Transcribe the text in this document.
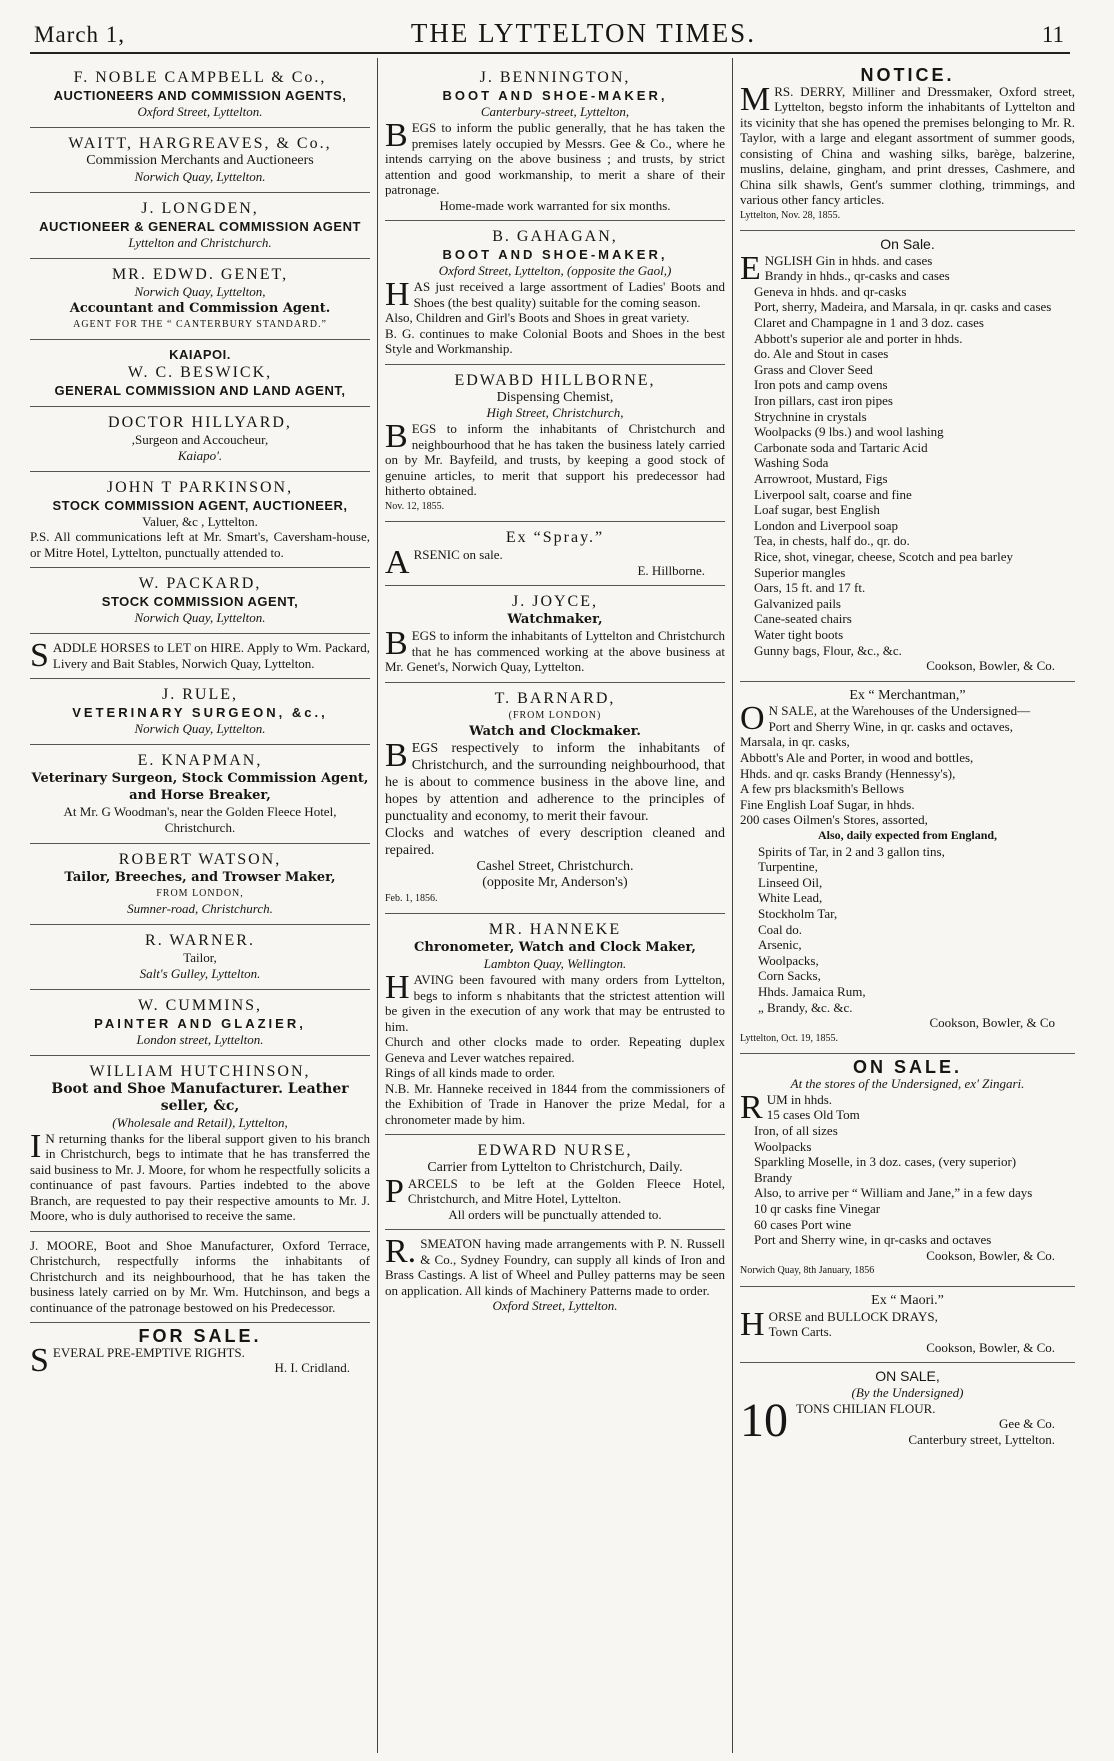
March 1,	THE LYTTELTON TIMES.	11
F. NOBLE CAMPBELL & Co.,
AUCTIONEERS AND COMMISSION AGENTS,
Oxford Street, Lyttelton.
WAITT, HARGREAVES, & Co.,
Commission Merchants and Auctioneers
Norwich Quay, Lyttelton.
J. LONGDEN,
AUCTIONEER & GENERAL COMMISSION AGENT
Lyttelton and Christchurch.
MR. EDWD. GENET,
Norwich Quay, Lyttelton,
Accountant and Commission Agent.
AGENT FOR THE “ CANTERBURY STANDARD.”
KAIAPOI.
W. C. BESWICK,
GENERAL COMMISSION AND LAND AGENT,
DOCTOR HILLYARD,
,Surgeon and Accoucheur,
Kaiapo'.
JOHN T PARKINSON,
STOCK COMMISSION AGENT, AUCTIONEER,
Valuer, &c , Lyttelton.
P.S. All communications left at Mr. Smart's, Caversham-house, or Mitre Hotel, Lyttelton, punctually attended to.
W. PACKARD,
STOCK COMMISSION AGENT,
Norwich Quay, Lyttelton.
SADDLE HORSES to LET on HIRE. Apply to Wm. Packard, Livery and Bait Stables, Norwich Quay, Lyttelton.
J. RULE,
VETERINARY SURGEON, &c.,
Norwich Quay, Lyttelton.
E. KNAPMAN,
Veterinary Surgeon, Stock Commission Agent, and Horse Breaker,
At Mr. G Woodman's, near the Golden Fleece Hotel, Christchurch.
ROBERT WATSON,
Tailor, Breeches, and Trowser Maker,
FROM LONDON,
Sumner-road, Christchurch.
R. WARNER.
Tailor,
Salt's Gulley, Lyttelton.
W. CUMMINS,
PAINTER AND GLAZIER,
London street, Lyttelton.
WILLIAM HUTCHINSON,
Boot and Shoe Manufacturer. Leather seller, &c,
(Wholesale and Retail), Lyttelton,
I N returning thanks for the liberal support given to his branch in Christchurch, begs to intimate that he has transferred the said business to Mr. J. Moore, for whom he respectfully solicits a continuance of past favours. Parties indebted to the above Branch, are requested to pay their respective amounts to Mr. J. Moore, who is duly authorised to receive the same.
J. MOORE, Boot and Shoe Manufacturer, Oxford Terrace, Christchurch, respectfully informs the inhabitants of Christchurch and its neighbourhood, that he has taken the business lately carried on by Mr. Wm. Hutchinson, and begs a continuance of the patronage bestowed on his Predecessor.
FOR SALE.
SEVERAL PRE-EMPTIVE RIGHTS.
H. I. Cridland.
J. BENNINGTON,
BOOT AND SHOE-MAKER,
Canterbury-street, Lyttelton,
BEGS to inform the public generally, that he has taken the premises lately occupied by Messrs. Gee & Co., where he intends carrying on the above business ; and trusts, by strict attention and good workmanship, to merit a share of their patronage.
Home-made work warranted for six months.
B. GAHAGAN,
BOOT AND SHOE-MAKER,
Oxford Street, Lyttelton, (opposite the Gaol,)
HAS just received a large assortment of Ladies' Boots and Shoes (the best quality) suitable for the coming season.
Also, Children and Girl's Boots and Shoes in great variety.
B. G. continues to make Colonial Boots and Shoes in the best Style and Workmanship.
EDWABD HILLBORNE,
Dispensing Chemist,
High Street, Christchurch,
BEGS to inform the inhabitants of Christchurch and neighbourhood that he has taken the business lately carried on by Mr. Bayfeild, and trusts, by keeping a good stock of genuine articles, to merit that support his predecessor had hitherto obtained.
Nov. 12, 1855.
Ex “Spray.”
ARSENIC on sale.
E. Hillborne.
J. JOYCE,
Watchmaker,
BEGS to inform the inhabitants of Lyttelton and Christchurch that he has commenced working at the above business at Mr. Genet's, Norwich Quay, Lyttelton.
T. BARNARD,
(FROM LONDON)
Watch and Clockmaker.
BEGS respectively to inform the inhabitants of Christchurch, and the surrounding neighbourhood, that he is about to commence business in the above line, and hopes by attention and adherence to the principles of punctuality and economy, to merit their favour.
Clocks and watches of every description cleaned and repaired.
Cashel Street, Christchurch.
(opposite Mr, Anderson's)
Feb. 1, 1856.
MR. HANNEKE
Chronometer, Watch and Clock Maker,
Lambton Quay, Wellington.
HAVING been favoured with many orders from Lyttelton, begs to inform s nhabitants that the strictest attention will be given in the execution of any work that may be entrusted to him.
Church and other clocks made to order. Repeating duplex Geneva and Lever watches repaired.
Rings of all kinds made to order.
N.B. Mr. Hanneke received in 1844 from the commissioners of the Exhibition of Trade in Hanover the prize Medal, for a chronometer made by him.
EDWARD NURSE,
Carrier from Lyttelton to Christchurch, Daily.
PARCELS to be left at the Golden Fleece Hotel, Christchurch, and Mitre Hotel, Lyttelton.
All orders will be punctually attended to.
R. SMEATON having made arrangements with P. N. Russell & Co., Sydney Foundry, can supply all kinds of Iron and Brass Castings. A list of Wheel and Pulley patterns may be seen on application. All kinds of Machinery Patterns made to order.
Oxford Street, Lyttelton.
NOTICE.
MRS. DERRY, Milliner and Dressmaker, Oxford street, Lyttelton, begsto inform the inhabitants of Lyttelton and its vicinity that she has opened the premises belonging to Mr. R. Taylor, with a large and elegant assortment of summer goods, consisting of China and washing silks, barège, balzerine, muslins, delaine, gingham, and print dresses, Cashmere, and China silk shawls, Gent's summer clothing, trimmings, and various other fancy articles.
Lyttelton, Nov. 28, 1855.
On Sale.
ENGLISH Gin in hhds. and cases
Brandy in hhds., qr-casks and cases
Geneva in hhds. and qr-casks
Port, sherry, Madeira, and Marsala, in qr. casks and cases
Claret and Champagne in 1 and 3 doz. cases
Abbott's superior ale and porter in hhds.
do. Ale and Stout in cases
Grass and Clover Seed
Iron pots and camp ovens
Iron pillars, cast iron pipes
Strychnine in crystals
Woolpacks (9 lbs.) and wool lashing
Carbonate soda and Tartaric Acid
Washing Soda
Arrowroot, Mustard, Figs
Liverpool salt, coarse and fine
Loaf sugar, best English
London and Liverpool soap
Tea, in chests, half do., qr. do.
Rice, shot, vinegar, cheese, Scotch and pea barley
Superior mangles
Oars, 15 ft. and 17 ft.
Galvanized pails
Cane-seated chairs
Water tight boots
Gunny bags, Flour, &c., &c.
Cookson, Bowler, & Co.
Ex “ Merchantman,”
O N SALE, at the Warehouses of the Undersigned—
Port and Sherry Wine, in qr. casks and octaves,
Marsala, in qr. casks,
Abbott's Ale and Porter, in wood and bottles,
Hhds. and qr. casks Brandy (Hennessy's),
A few prs blacksmith's Bellows
Fine English Loaf Sugar, in hhds.
200 cases Oilmen's Stores, assorted,
Also, daily expected from England,
Spirits of Tar, in 2 and 3 gallon tins,
Turpentine,
Linseed Oil,
White Lead,
Stockholm Tar,
Coal do.
Arsenic,
Woolpacks,
Corn Sacks,
Hhds. Jamaica Rum,
„ Brandy, &c. &c.
Cookson, Bowler, & Co
Lyttelton, Oct. 19, 1855.
ON SALE.
At the stores of the Undersigned, ex' Zingari.
RUM in hhds.
15 cases Old Tom
Iron, of all sizes
Woolpacks
Sparkling Moselle, in 3 doz. cases, (very superior)
Brandy
Also, to arrive per “ William and Jane,” in a few days
10 qr casks fine Vinegar
60 cases Port wine
Port and Sherry wine, in qr-casks and octaves
Cookson, Bowler, & Co.
Norwich Quay, 8th January, 1856
Ex “ Maori.”
HORSE and BULLOCK DRAYS,
Town Carts.
Cookson, Bowler, & Co.
ON SALE,
(By the Undersigned)
10 TONS CHILIAN FLOUR.
Gee & Co.
Canterbury street, Lyttelton.
